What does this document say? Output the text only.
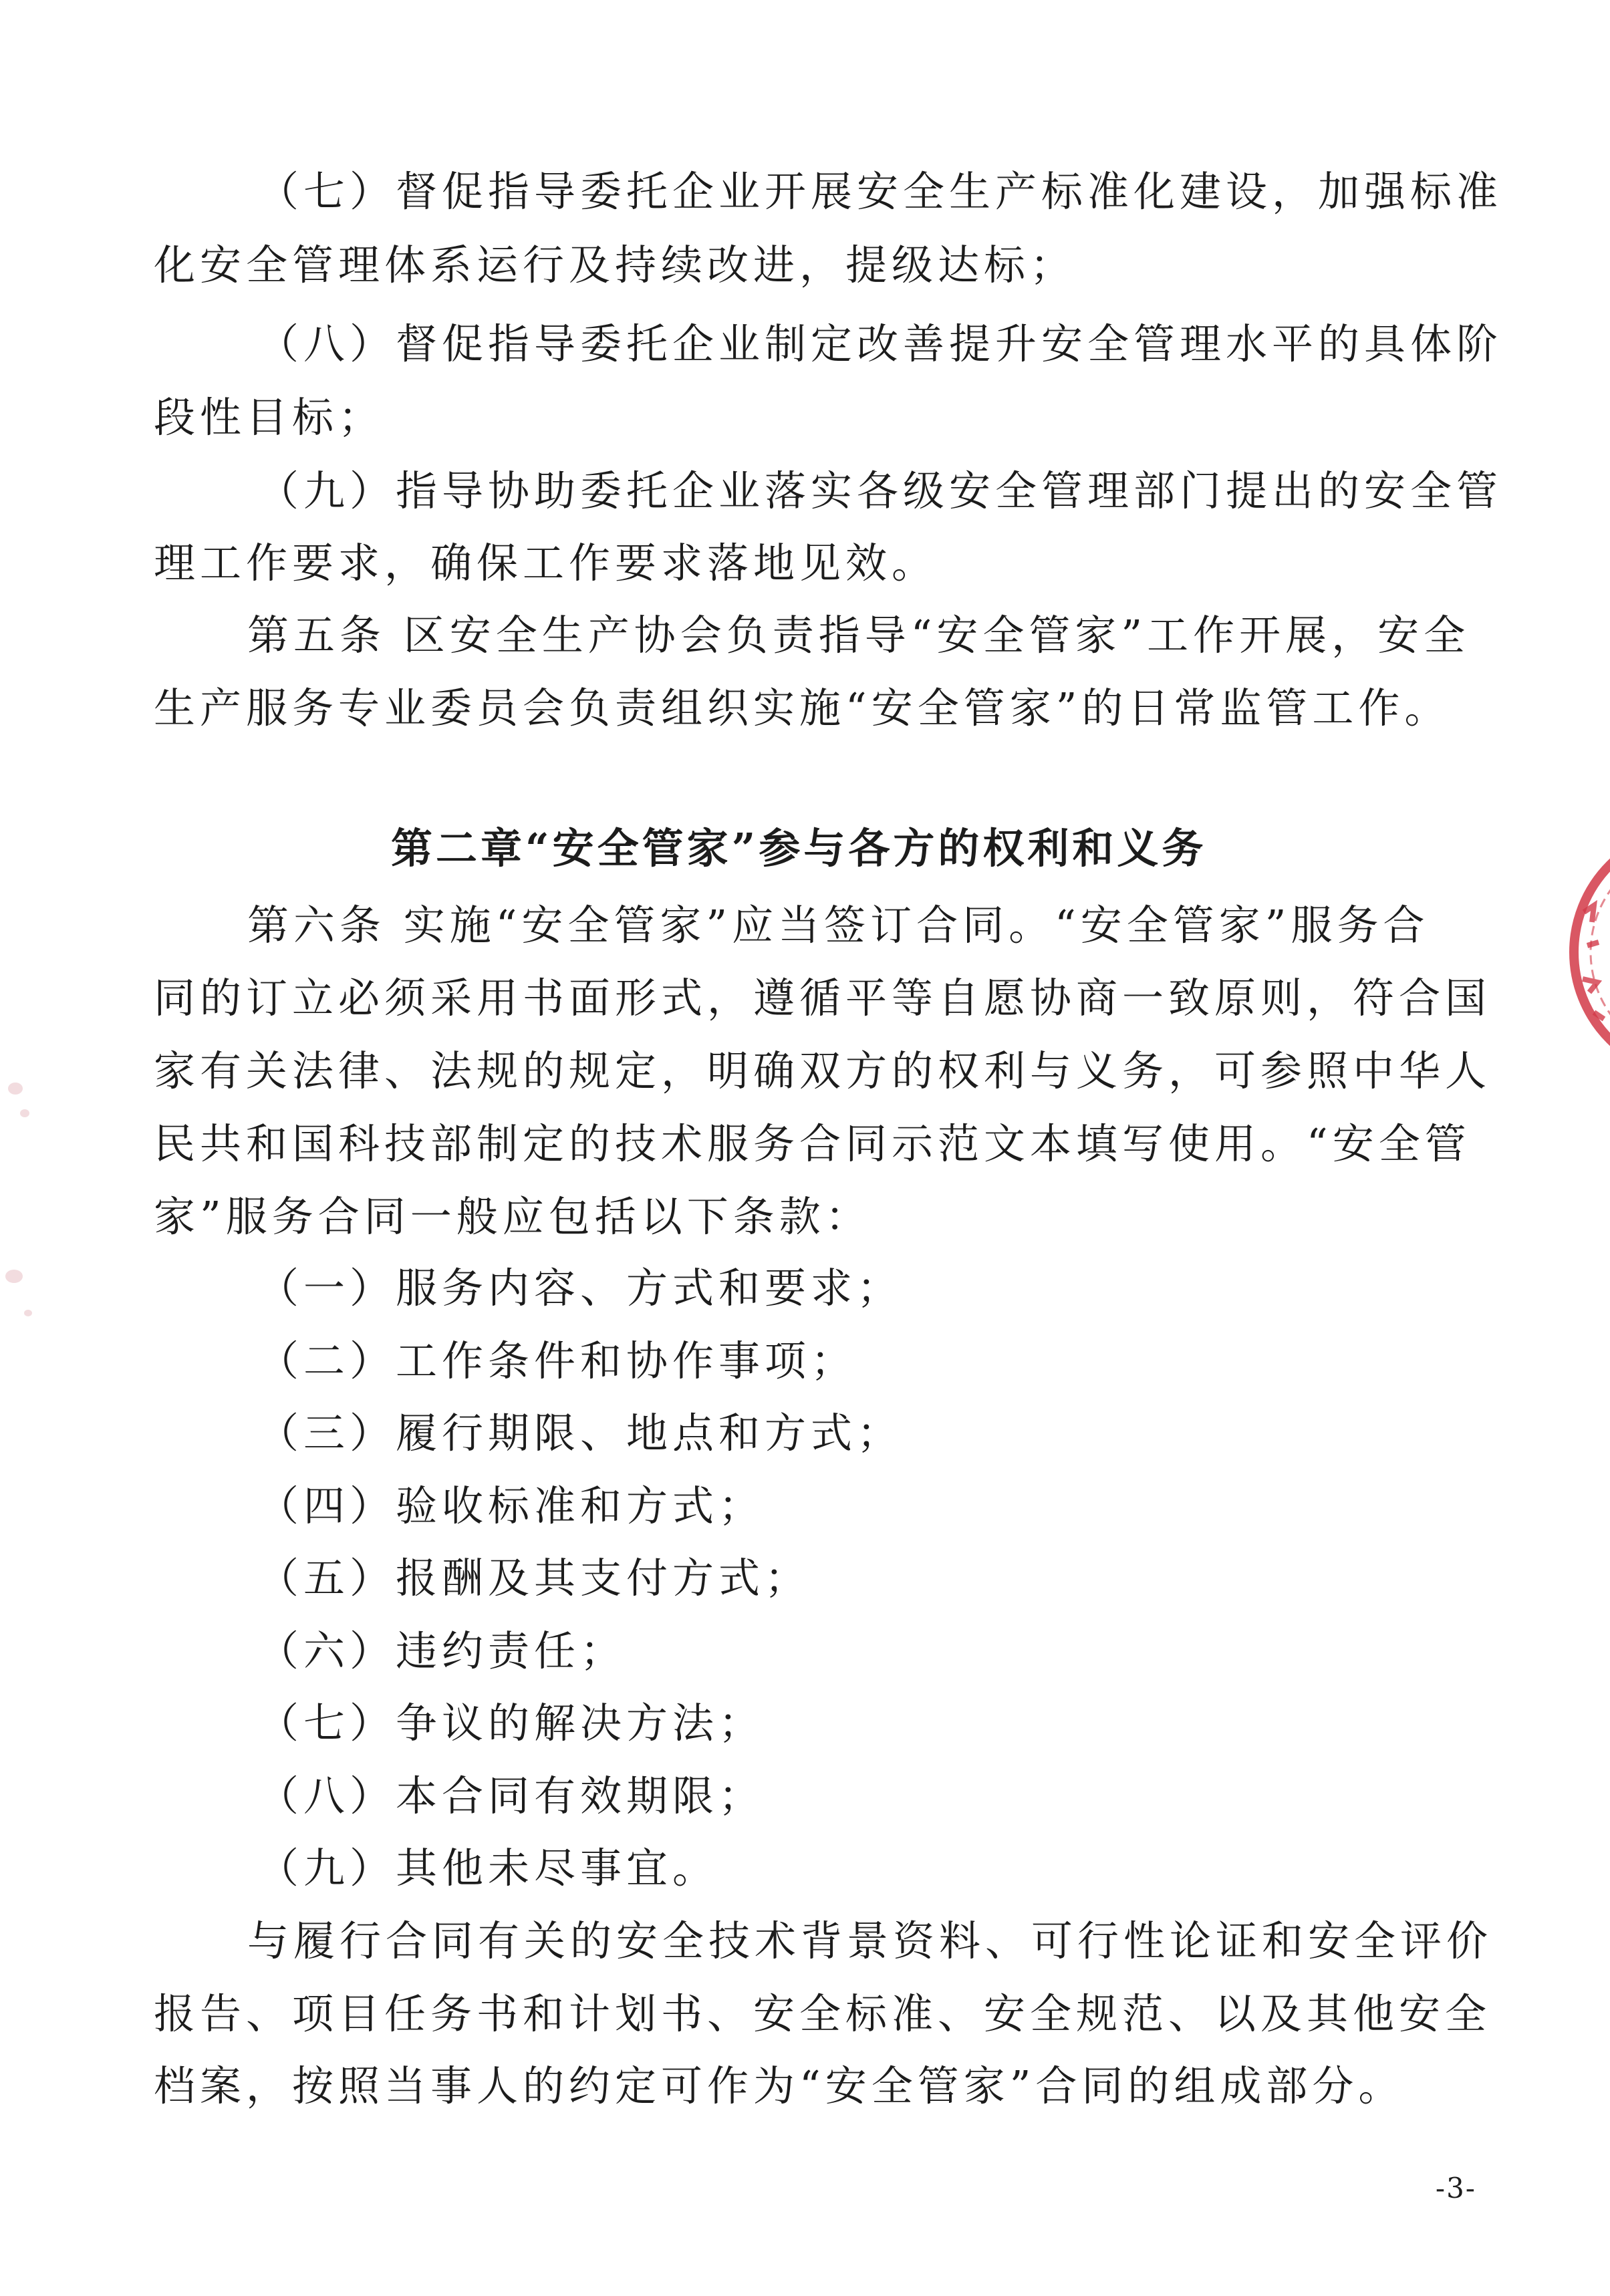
（七）督促指导委托企业开展安全生产标准化建设，加强标准
化安全管理体系运行及持续改进，提级达标；
（八）督促指导委托企业制定改善提升安全管理水平的具体阶
段性目标；
（九）指导协助委托企业落实各级安全管理部门提出的安全管
理工作要求，确保工作要求落地见效。
第五条 区安全生产协会负责指导“安全管家”工作开展，安全
生产服务专业委员会负责组织实施“安全管家”的日常监管工作。
第二章“安全管家”参与各方的权利和义务
第六条 实施“安全管家”应当签订合同。“安全管家”服务合
同的订立必须采用书面形式，遵循平等自愿协商一致原则，符合国
家有关法律、法规的规定，明确双方的权利与义务，可参照中华人
民共和国科技部制定的技术服务合同示范文本填写使用。“安全管
家”服务合同一般应包括以下条款：
（一）服务内容、方式和要求；
（二）工作条件和协作事项；
（三）履行期限、地点和方式；
（四）验收标准和方式；
（五）报酬及其支付方式；
（六）违约责任；
（七）争议的解决方法；
（八）本合同有效期限；
（九）其他未尽事宜。
与履行合同有关的安全技术背景资料、可行性论证和安全评价
报告、项目任务书和计划书、安全标准、安全规范、以及其他安全
档案，按照当事人的约定可作为“安全管家”合同的组成部分。
-3-
